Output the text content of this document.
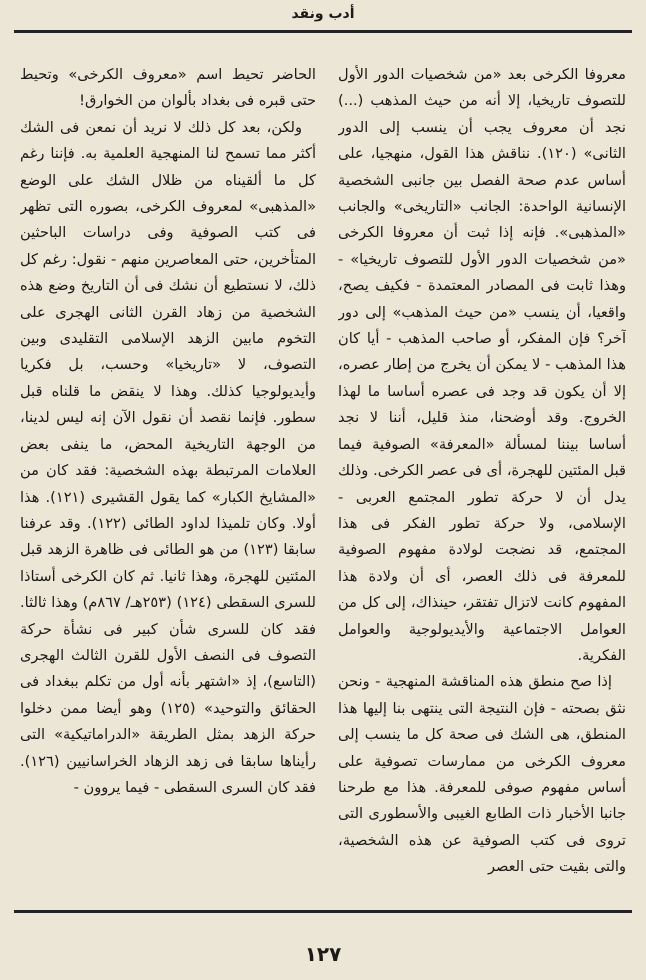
أدب ونقد

معروفا الكرخى بعد «من شخصيات الدور الأول للتصوف تاريخيا، إلا أنه من حيث المذهب (...) نجد أن معروف يجب أن ينسب إلى الدور الثانى» (١٢٠). نناقش هذا القول، منهجيا، على أساس عدم صحة الفصل بين جانبى الشخصية الإنسانية الواحدة: الجانب «التاريخى» والجانب «المذهبى». فإنه إذا ثبت أن معروفا الكرخى «من شخصيات الدور الأول للتصوف تاريخيا» - وهذا ثابت فى المصادر المعتمدة - فكيف يصح، واقعيا، أن ينسب «من حيث المذهب» إلى دور آخر؟ فإن المفكر، أو صاحب المذهب - أيا كان هذا المذهب - لا يمكن أن يخرج من إطار عصره، إلا أن يكون قد وجد فى عصره أساسا ما لهذا الخروج. وقد أوضحنا، منذ قليل، أننا لا نجد أساسا بيننا لمسألة «المعرفة» الصوفية فيما قبل المئتين للهجرة، أى فى عصر الكرخى. وذلك يدل أن لا حركة تطور المجتمع العربى - الإسلامى، ولا حركة تطور الفكر فى هذا المجتمع، قد نضجت لولادة مفهوم الصوفية للمعرفة فى ذلك العصر، أى أن ولادة هذا المفهوم كانت لاتزال تفتقر، حينذاك، إلى كل من العوامل الاجتماعية والأيديولوجية والعوامل الفكرية.

إذا صح منطق هذه المناقشة المنهجية - ونحن نثق بصحته - فإن النتيجة التى ينتهى بنا إليها هذا المنطق، هى الشك فى صحة كل ما ينسب إلى معروف الكرخى من ممارسات تصوفية على أساس مفهوم صوفى للمعرفة. هذا مع طرحنا جانبا الأخبار ذات الطابع الغيبى والأسطورى التى تروى فى كتب الصوفية عن هذه الشخصية، والتى بقيت حتى العصر

الحاضر تحيط اسم «معروف الكرخى» وتحيط حتى قبره فى بغداد بألوان من الخوارق!

ولكن، بعد كل ذلك لا نريد أن نمعن فى الشك أكثر مما تسمح لنا المنهجية العلمية به. فإننا رغم كل ما ألقيناه من ظلال الشك على الوضع «المذهبى» لمعروف الكرخى، بصوره التى تظهر فى كتب الصوفية وفى دراسات الباحثين المتأخرين، حتى المعاصرين منهم - نقول: رغم كل ذلك، لا نستطيع أن نشك فى أن التاريخ وضع هذه الشخصية من زهاد القرن الثانى الهجرى على التخوم مابين الزهد الإسلامى التقليدى وبين التصوف، لا «تاريخيا» وحسب، بل فكريا وأيديولوجيا كذلك. وهذا لا ينقض ما قلناه قبل سطور. فإنما نقصد أن نقول الآن إنه ليس لدينا، من الوجهة التاريخية المحض، ما ينفى بعض العلامات المرتبطة بهذه الشخصية: فقد كان من «المشايخ الكبار» كما يقول القشيرى (١٢١). هذا أولا. وكان تلميذا لداود الطائى (١٢٢). وقد عرفنا سابقا (١٢٣) من هو الطائى فى ظاهرة الزهد قبل المئتين للهجرة، وهذا ثانيا. ثم كان الكرخى أستاذا للسرى السقطى (١٢٤) (٢٥٣هـ/ ٨٦٧م) وهذا ثالثا. فقد كان للسرى شأن كبير فى نشأة حركة التصوف فى النصف الأول للقرن الثالث الهجرى (التاسع)، إذ «اشتهر بأنه أول من تكلم ببغداد فى الحقائق والتوحيد» (١٢٥) وهو أيضا ممن دخلوا حركة الزهد بمثل الطريقة «الدراماتيكية» التى رأيناها سابقا فى زهد الزهاد الخراسانيين (١٢٦). فقد كان السرى السقطى - فيما يروون -

١٢٧
